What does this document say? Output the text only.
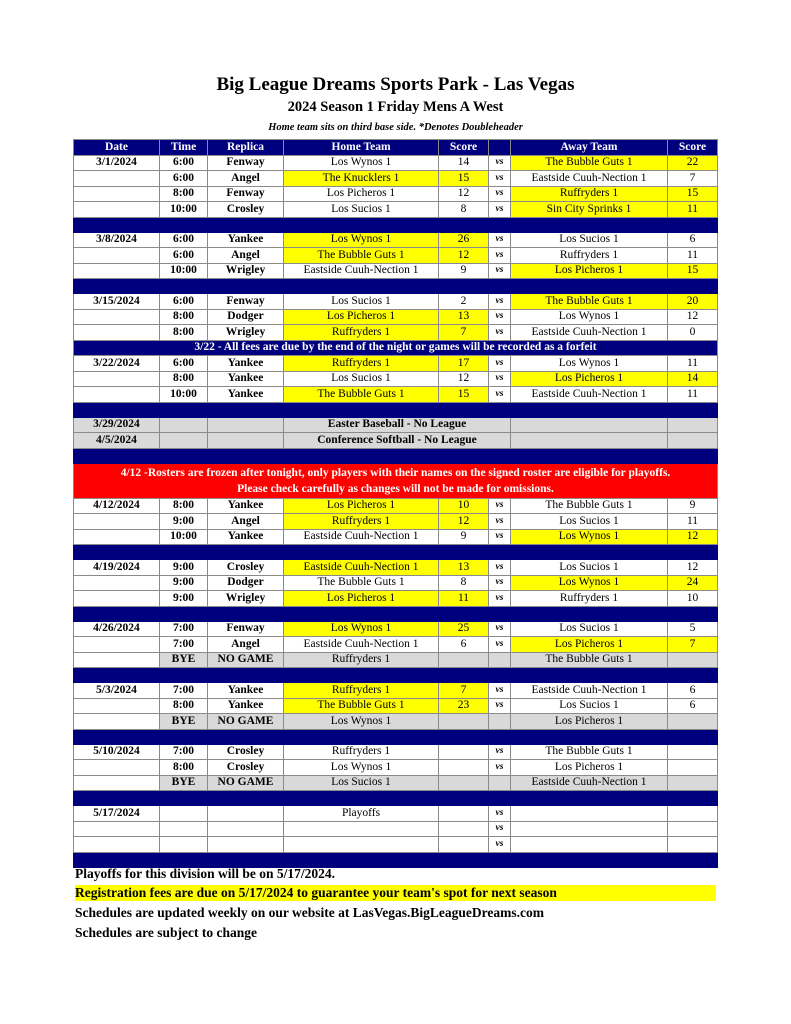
Big League Dreams Sports Park - Las Vegas
2024 Season 1 Friday Mens A West
Home team sits on third base side. *Denotes Doubleheader
Date	Time	Replica	Home Team	Score		Away Team	Score
3/1/2024	6:00	Fenway	Los Wynos 1	14	vs	The Bubble Guts 1	22
	6:00	Angel	The Knucklers 1	15	vs	Eastside Cuuh-Nection 1	7
	8:00	Fenway	Los Picheros 1	12	vs	Ruffryders 1	15
	10:00	Crosley	Los Sucios 1	8	vs	Sin City Sprinks 1	11

3/8/2024	6:00	Yankee	Los Wynos 1	26	vs	Los Sucios 1	6
	6:00	Angel	The Bubble Guts 1	12	vs	Ruffryders 1	11
	10:00	Wrigley	Eastside Cuuh-Nection 1	9	vs	Los Picheros 1	15

3/15/2024	6:00	Fenway	Los Sucios 1	2	vs	The Bubble Guts 1	20
	8:00	Dodger	Los Picheros 1	13	vs	Los Wynos 1	12
	8:00	Wrigley	Ruffryders 1	7	vs	Eastside Cuuh-Nection 1	0
3/22 - All fees are due by the end of the night or games will be recorded as a forfeit							
3/22/2024	6:00	Yankee	Ruffryders 1	17	vs	Los Wynos 1	11
	8:00	Yankee	Los Sucios 1	12	vs	Los Picheros 1	14
	10:00	Yankee	The Bubble Guts 1	15	vs	Eastside Cuuh-Nection 1	11

3/29/2024			Easter Baseball - No League				
4/5/2024			Conference Softball - No League				

4/12 -Rosters are frozen after tonight, only players with their names on the signed roster are eligible for playoffs.
Please check carefully as changes will not be made for omissions.							

4/12/2024	8:00	Yankee	Los Picheros 1	10	vs	The Bubble Guts 1	9
	9:00	Angel	Ruffryders 1	12	vs	Los Sucios 1	11
	10:00	Yankee	Eastside Cuuh-Nection 1	9	vs	Los Wynos 1	12

4/19/2024	9:00	Crosley	Eastside Cuuh-Nection 1	13	vs	Los Sucios 1	12
	9:00	Dodger	The Bubble Guts 1	8	vs	Los Wynos 1	24
	9:00	Wrigley	Los Picheros 1	11	vs	Ruffryders 1	10

4/26/2024	7:00	Fenway	Los Wynos 1	25	vs	Los Sucios 1	5
	7:00	Angel	Eastside Cuuh-Nection 1	6	vs	Los Picheros 1	7
	BYE	NO GAME	Ruffryders 1			The Bubble Guts 1	

5/3/2024	7:00	Yankee	Ruffryders 1	7	vs	Eastside Cuuh-Nection 1	6
	8:00	Yankee	The Bubble Guts 1	23	vs	Los Sucios 1	6
	BYE	NO GAME	Los Wynos 1			Los Picheros 1	

5/10/2024	7:00	Crosley	Ruffryders 1		vs	The Bubble Guts 1	
	8:00	Crosley	Los Wynos 1		vs	Los Picheros 1	
	BYE	NO GAME	Los Sucios 1			Eastside Cuuh-Nection 1	

5/17/2024			Playoffs		vs		
					vs		
					vs		

Playoffs for this division will be on 5/17/2024.
Registration fees are due on 5/17/2024 to guarantee your team's spot for next season
Schedules are updated weekly on our website at LasVegas.BigLeagueDreams.com
Schedules are subject to change
